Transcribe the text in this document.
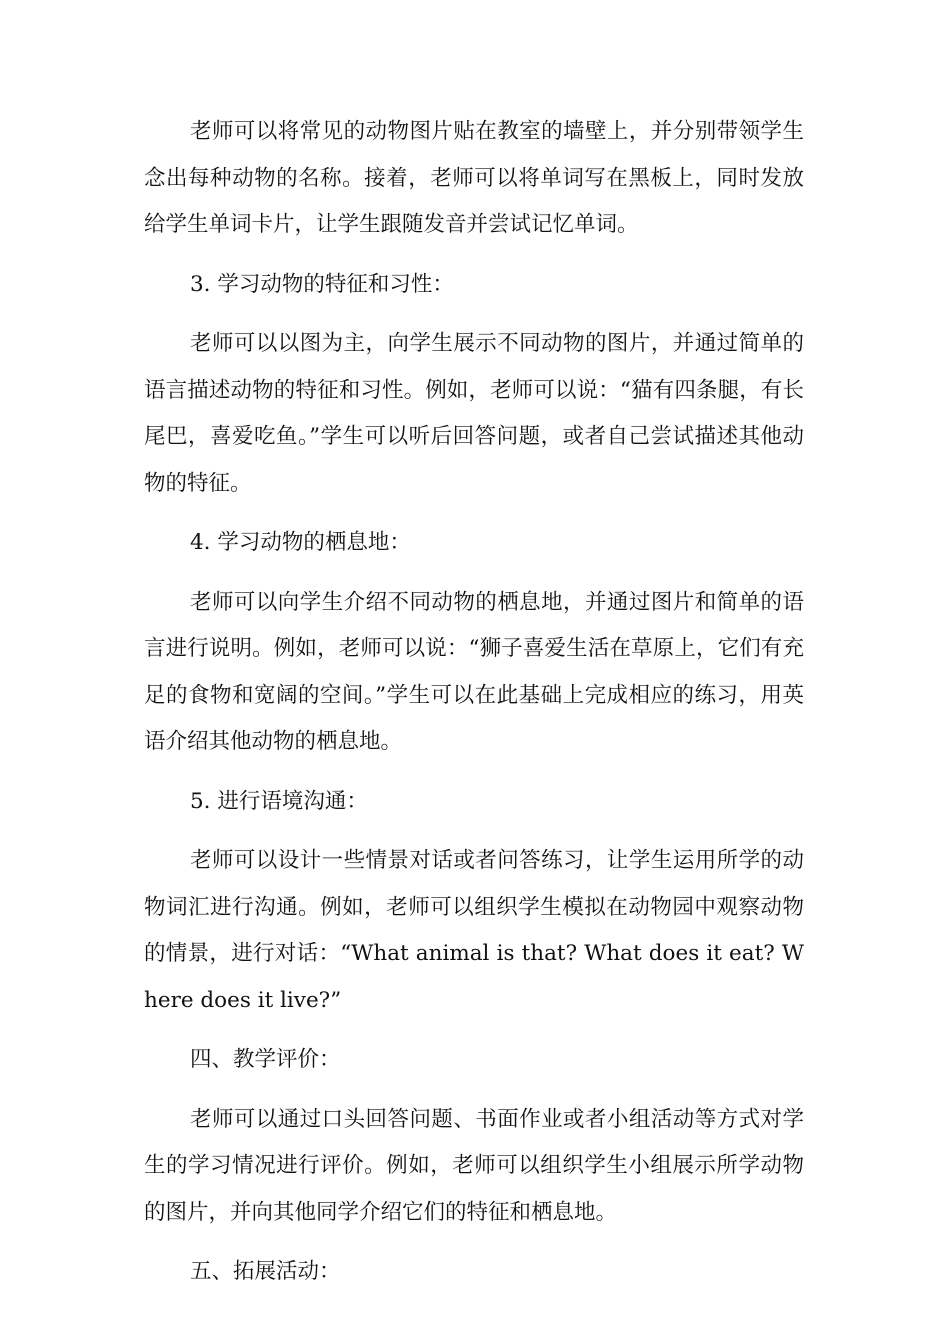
老师可以将常见的动物图片贴在教室的墙壁上，并分别带领学生念出每种动物的名称。接着，老师可以将单词写在黑板上，同时发放给学生单词卡片，让学生跟随发音并尝试记忆单词。

3. 学习动物的特征和习性：

老师可以以图为主，向学生展示不同动物的图片，并通过简单的语言描述动物的特征和习性。例如，老师可以说：“猫有四条腿，有长尾巴，喜爱吃鱼。”学生可以听后回答问题，或者自己尝试描述其他动物的特征。

4. 学习动物的栖息地：

老师可以向学生介绍不同动物的栖息地，并通过图片和简单的语言进行说明。例如，老师可以说：“狮子喜爱生活在草原上，它们有充足的食物和宽阔的空间。”学生可以在此基础上完成相应的练习，用英语介绍其他动物的栖息地。

5. 进行语境沟通：

老师可以设计一些情景对话或者问答练习，让学生运用所学的动物词汇进行沟通。例如，老师可以组织学生模拟在动物园中观察动物的情景，进行对话：“What animal is that? What does it eat? Where does it live?”

四、教学评价：

老师可以通过口头回答问题、书面作业或者小组活动等方式对学生的学习情况进行评价。例如，老师可以组织学生小组展示所学动物的图片，并向其他同学介绍它们的特征和栖息地。

五、拓展活动：
